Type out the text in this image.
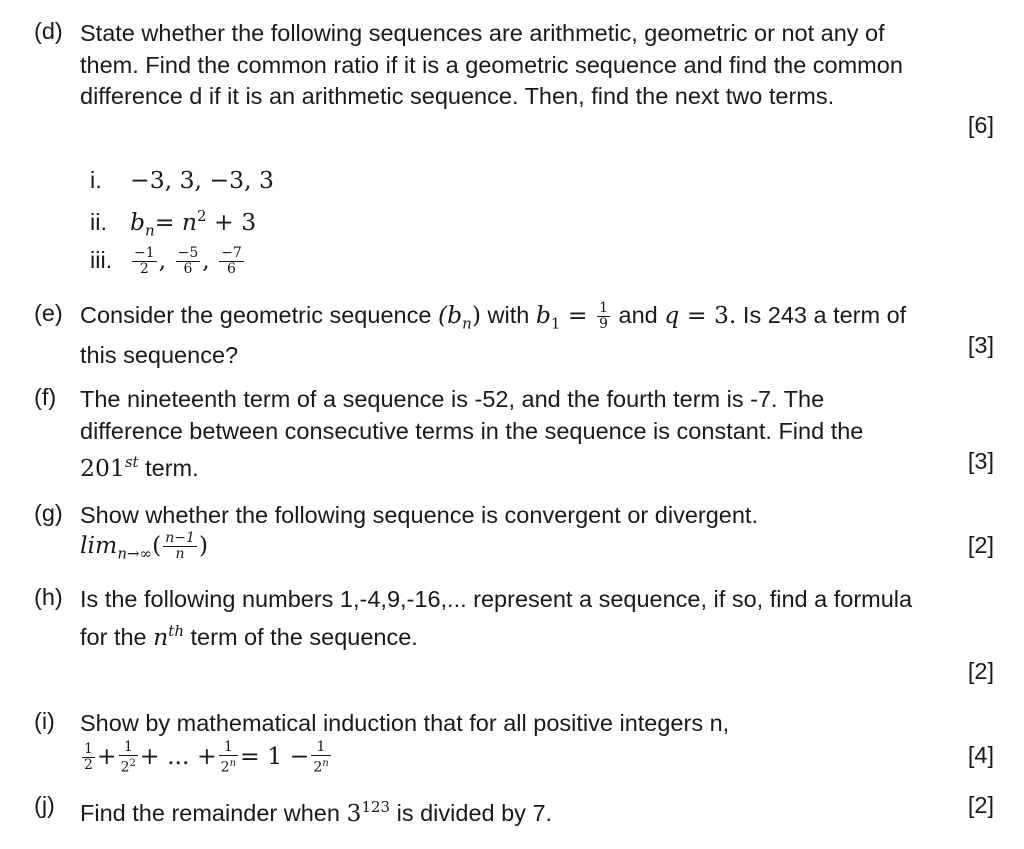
(d) State whether the following sequences are arithmetic, geometric or not any of them. Find the common ratio if it is a geometric sequence and find the common difference d if it is an arithmetic sequence. Then, find the next two terms.
[6]
i. −3, 3, −3, 3
ii. $b_n= n^2 + 3$
iii. $\frac{-1}{2}$ , $\frac{-5}{6}$ , $\frac{-7}{6}$
(e) Consider the geometric sequence $(b_n)$ with $b_1 = \frac{1}{9}$ and q = 3. Is 243 a term of this sequence?	[3]
(f)	The nineteenth term of a sequence is -52, and the fourth term is -7. The difference between consecutive terms in the sequence is constant. Find the 201st term.	[3]
(g) Show whether the following sequence is convergent or divergent.
$\lim_{n\to\infty}( \frac{n-1}{n}$ )	[2]
(h) Is the following numbers 1,-4,9,-16,... represent a sequence, if so, find a formula for the $n^{th}$ term of the sequence.
[2]
(i)	Show by mathematical induction that for all positive integers n,
$\frac{1}{2} + \frac{1}{2^2}$ + ... + $\frac{1}{2^n} = 1 - \frac{1}{2^n}$	[4]
(j)	Find the remainder when $3^{123}$ is divided by 7.	[2]
